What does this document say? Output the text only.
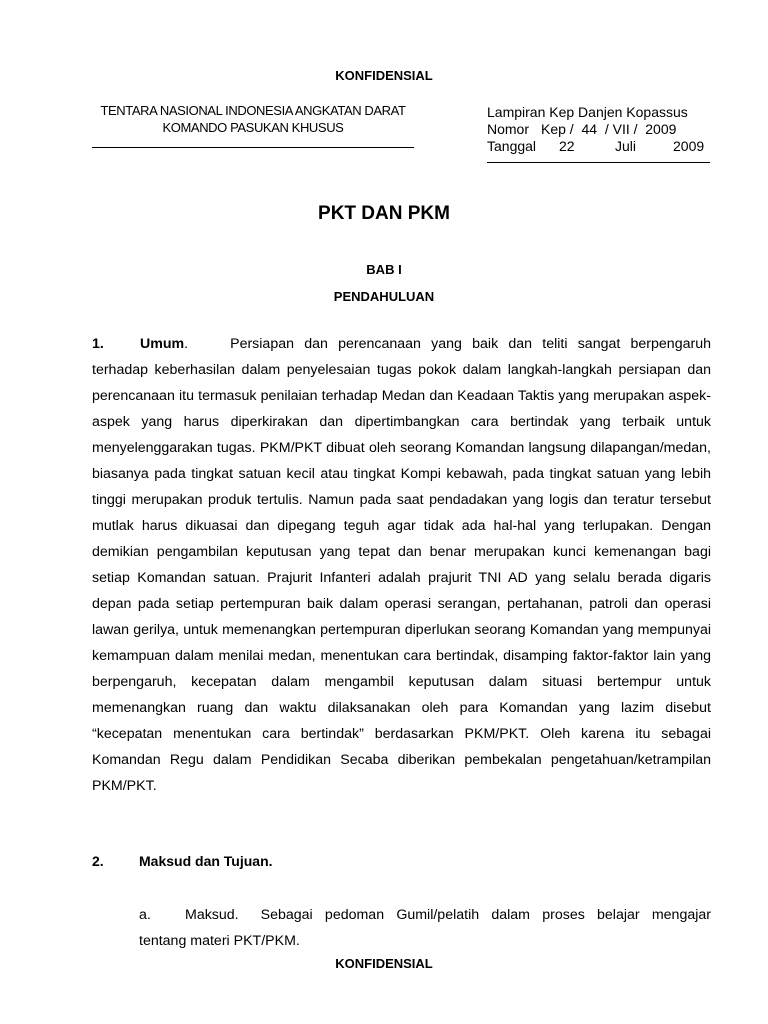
KONFIDENSIAL
TENTARA NASIONAL INDONESIA ANGKATAN DARAT
KOMANDO PASUKAN KHUSUS
Lampiran Kep Danjen Kopassus
Nomor Kep /  44  / VII /  2009
Tanggal	22	Juli	2009
PKT DAN PKM
BAB I
PENDAHULUAN
1.	Umum.	Persiapan dan perencanaan yang baik dan teliti sangat berpengaruh terhadap keberhasilan dalam penyelesaian tugas pokok dalam langkah-langkah persiapan dan perencanaan itu termasuk penilaian terhadap Medan dan Keadaan Taktis yang merupakan aspek-aspek yang harus diperkirakan dan dipertimbangkan cara bertindak yang terbaik untuk menyelenggarakan tugas. PKM/PKT dibuat oleh seorang Komandan langsung dilapangan/medan, biasanya pada tingkat satuan kecil atau tingkat Kompi kebawah, pada tingkat satuan yang lebih tinggi merupakan produk tertulis. Namun pada saat pendadakan yang logis dan teratur tersebut mutlak harus dikuasai dan dipegang teguh agar tidak ada hal-hal yang terlupakan. Dengan demikian pengambilan keputusan yang tepat dan benar merupakan kunci kemenangan bagi setiap Komandan satuan. Prajurit Infanteri adalah prajurit TNI AD yang selalu berada digaris depan pada setiap pertempuran baik dalam operasi serangan, pertahanan, patroli dan operasi lawan gerilya, untuk memenangkan pertempuran diperlukan seorang Komandan yang mempunyai kemampuan dalam menilai medan, menentukan cara bertindak, disamping faktor-faktor lain yang berpengaruh, kecepatan dalam mengambil keputusan dalam situasi bertempur untuk memenangkan ruang dan waktu dilaksanakan oleh para Komandan yang lazim disebut “kecepatan menentukan cara bertindak” berdasarkan PKM/PKT. Oleh karena itu sebagai Komandan Regu dalam Pendidikan Secaba diberikan pembekalan pengetahuan/ketrampilan PKM/PKT.
2.	Maksud dan Tujuan.
a. Maksud. Sebagai pedoman Gumil/pelatih dalam proses belajar mengajar tentang materi PKT/PKM.
KONFIDENSIAL
